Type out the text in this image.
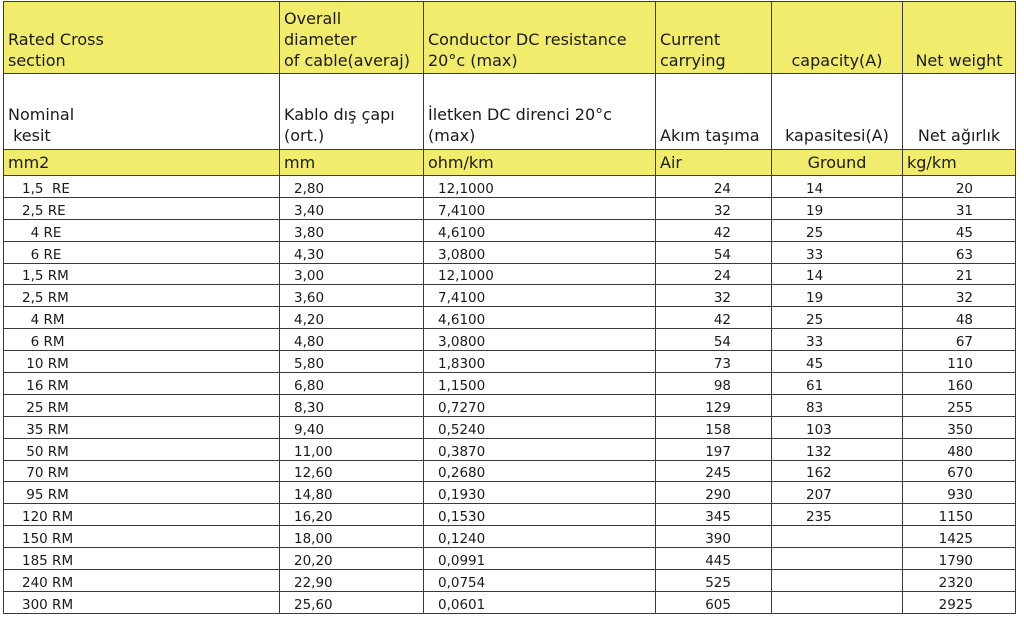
Rated Cross
section	Overall
diameter
of cable(averaj)	Conductor DC resistance
20°c (max)	Current
carrying	capacity(A)	Net weight
Nominal
kesit	Kablo dış çapı
(ort.)	İletken DC direnci 20°c
(max)	Akım taşıma	kapasitesi(A)	Net ağırlık
mm2	mm	ohm/km	Air	Ground	kg/km
1,5  RE	2,80	12,1000	24	14	20
2,5 RE	3,40	7,4100	32	19	31
4 RE	3,80	4,6100	42	25	45
6 RE	4,30	3,0800	54	33	63
1,5 RM	3,00	12,1000	24	14	21
2,5 RM	3,60	7,4100	32	19	32
4 RM	4,20	4,6100	42	25	48
6 RM	4,80	3,0800	54	33	67
10 RM	5,80	1,8300	73	45	110
16 RM	6,80	1,1500	98	61	160
25 RM	8,30	0,7270	129	83	255
35 RM	9,40	0,5240	158	103	350
50 RM	11,00	0,3870	197	132	480
70 RM	12,60	0,2680	245	162	670
95 RM	14,80	0,1930	290	207	930
120 RM	16,20	0,1530	345	235	1150
150 RM	18,00	0,1240	390		1425
185 RM	20,20	0,0991	445		1790
240 RM	22,90	0,0754	525		2320
300 RM	25,60	0,0601	605		2925
